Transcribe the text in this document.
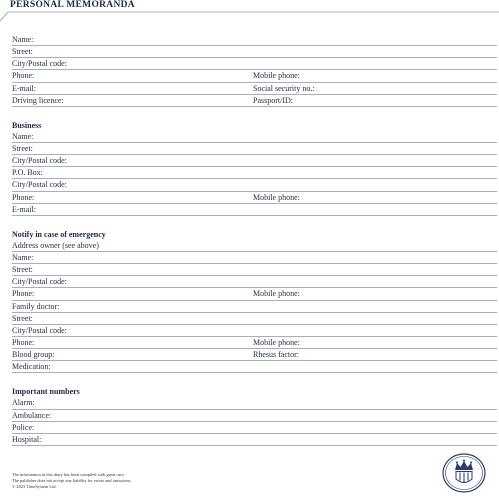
PERSONAL MEMORANDA
Name:
Street:
City/Postal code:
Phone:	Mobile phone:
E-mail:	Social security no.:
Driving licence:	Passport/ID:
Business
Name:
Street:
City/Postal code:
P.O. Box:
City/Postal code:
Phone:	Mobile phone:
E-mail:
Notify in case of emergency
Address owner (see above)
Name:
Street:
City/Postal code:
Phone:	Mobile phone:
Family doctor:
Street:
City/Postal code:
Phone:	Mobile phone:
Blood group:	Rhesus factor:
Medication:
Important numbers
Alarm:
Ambulance:
Police:
Hospital:
The information in this diary has been compiled with great care.
The publisher does not accept any liability for errors and omissions.
© 2023 TimeSystem Ltd.
